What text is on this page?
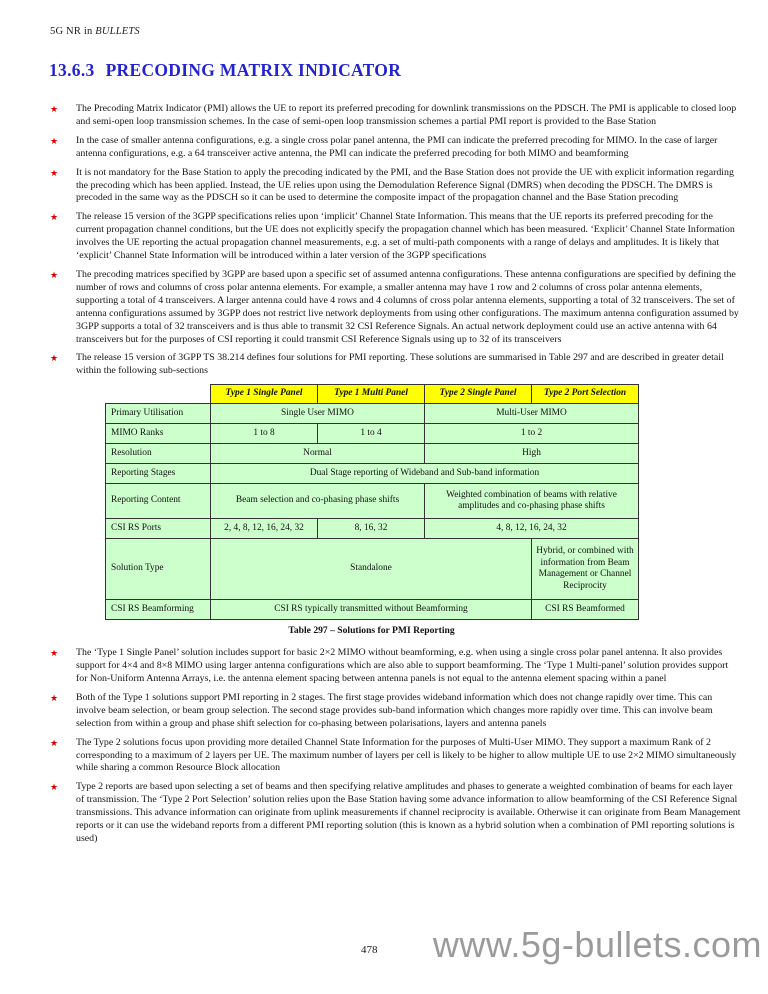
5G NR in BULLETS
13.6.3 PRECODING MATRIX INDICATOR
★	The Precoding Matrix Indicator (PMI) allows the UE to report its preferred precoding for downlink transmissions on the PDSCH. The PMI is applicable to closed loop and semi-open loop transmission schemes. In the case of semi-open loop transmission schemes a partial PMI report is provided to the Base Station

★	In the case of smaller antenna configurations, e.g. a single cross polar panel antenna, the PMI can indicate the preferred precoding for MIMO. In the case of larger antenna configurations, e.g. a 64 transceiver active antenna, the PMI can indicate the preferred precoding for both MIMO and beamforming

★	It is not mandatory for the Base Station to apply the precoding indicated by the PMI, and the Base Station does not provide the UE with explicit information regarding the precoding which has been applied. Instead, the UE relies upon using the Demodulation Reference Signal (DMRS) when decoding the PDSCH. The DMRS is precoded in the same way as the PDSCH so it can be used to determine the composite impact of the propagation channel and the Base Station precoding

★	The release 15 version of the 3GPP specifications relies upon ‘implicit’ Channel State Information. This means that the UE reports its preferred precoding for the current propagation channel conditions, but the UE does not explicitly specify the propagation channel which has been measured. ‘Explicit’ Channel State Information involves the UE reporting the actual propagation channel measurements, e.g. a set of multi-path components with a range of delays and amplitudes. It is likely that ‘explicit’ Channel State Information will be introduced within a later version of the 3GPP specifications

★	The precoding matrices specified by 3GPP are based upon a specific set of assumed antenna configurations. These antenna configurations are specified by defining the number of rows and columns of cross polar antenna elements. For example, a smaller antenna may have 1 row and 2 columns of cross polar antenna elements, supporting a total of 4 transceivers. A larger antenna could have 4 rows and 4 columns of cross polar antenna elements, supporting a total of 32 transceivers. The set of antenna configurations assumed by 3GPP does not restrict live network deployments from using other configurations. The maximum antenna configuration assumed by 3GPP supports a total of 32 transceivers and is thus able to transmit 32 CSI Reference Signals. An actual network deployment could use an active antenna with 64 transceivers but for the purposes of CSI reporting it could transmit CSI Reference Signals using up to 32 of its transceivers

★	The release 15 version of 3GPP TS 38.214 defines four solutions for PMI reporting. These solutions are summarised in Table 297 and are described in greater detail within the following sub-sections

	Type 1 Single Panel	Type 1 Multi Panel	Type 2 Single Panel	Type 2 Port Selection
Primary Utilisation	Single User MIMO		Multi-User MIMO	
MIMO Ranks	1 to 8	1 to 4	1 to 2	
Resolution	Normal		High	
Reporting Stages	Dual Stage reporting of Wideband and Sub-band information			
Reporting Content	Beam selection and co-phasing phase shifts		Weighted combination of beams with relative amplitudes and co-phasing phase shifts	
CSI RS Ports	2, 4, 8, 12, 16, 24, 32	8, 16, 32	4, 8, 12, 16, 24, 32	
Solution Type	Standalone			Hybrid, or combined with information from Beam Management or Channel Reciprocity
CSI RS Beamforming	CSI RS typically transmitted without Beamforming			CSI RS Beamformed
Table 297 – Solutions for PMI Reporting
★	The ‘Type 1 Single Panel’ solution includes support for basic 2×2 MIMO without beamforming, e.g. when using a single cross polar panel antenna. It also provides support for 4×4 and 8×8 MIMO using larger antenna configurations which are also able to support beamforming. The ‘Type 1 Multi-panel’ solution provides support for Non-Uniform Antenna Arrays, i.e. the antenna element spacing between antenna panels is not equal to the antenna element spacing within a panel

★	Both of the Type 1 solutions support PMI reporting in 2 stages. The first stage provides wideband information which does not change rapidly over time. This can involve beam selection, or beam group selection. The second stage provides sub-band information which changes more rapidly over time. This can involve beam selection from within a group and phase shift selection for co-phasing between polarisations, layers and antenna panels

★	The Type 2 solutions focus upon providing more detailed Channel State Information for the purposes of Multi-User MIMO. They support a maximum Rank of 2 corresponding to a maximum of 2 layers per UE. The maximum number of layers per cell is likely to be higher to allow multiple UE to use 2×2 MIMO simultaneously while sharing a common Resource Block allocation

★	Type 2 reports are based upon selecting a set of beams and then specifying relative amplitudes and phases to generate a weighted combination of beams for each layer of transmission. The ‘Type 2 Port Selection’ solution relies upon the Base Station having some advance information to allow beamforming of the CSI Reference Signal transmissions. This advance information can originate from uplink measurements if channel reciprocity is available. Otherwise it can originate from Beam Management reports or it can use the wideband reports from a different PMI reporting solution (this is known as a hybrid solution when a combination of PMI reporting solutions is used)

478 www.5g-bullets.com
